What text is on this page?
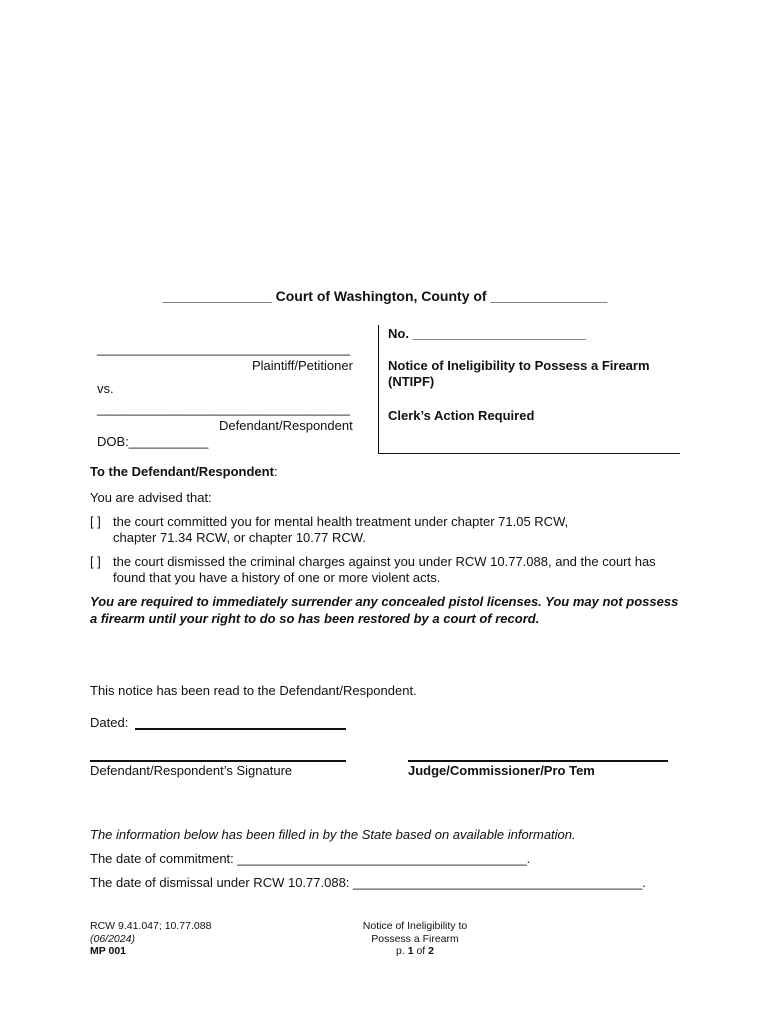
______________ Court of Washington, County of _______________
___________________________________
Plaintiff/Petitioner
vs.
___________________________________
Defendant/Respondent
DOB:___________
No. ________________________
Notice of Ineligibility to Possess a Firearm
(NTIPF)
Clerk’s Action Required
To the Defendant/Respondent:
You are advised that:
[ ] the court committed you for mental health treatment under chapter 71.05 RCW, chapter 71.34 RCW, or chapter 10.77 RCW.
[ ] the court dismissed the criminal charges against you under RCW 10.77.088, and the court has found that you have a history of one or more violent acts.
You are required to immediately surrender any concealed pistol licenses. You may not possess a firearm until your right to do so has been restored by a court of record.
This notice has been read to the Defendant/Respondent.
Dated:
Defendant/Respondent’s Signature	Judge/Commissioner/Pro Tem
The information below has been filled in by the State based on available information.
The date of commitment: ________________________________________.
The date of dismissal under RCW 10.77.088: ________________________________________.
RCW 9.41.047; 10.77.088
(06/2024)
MP 001
Notice of Ineligibility to
Possess a Firearm
p. 1 of 2
